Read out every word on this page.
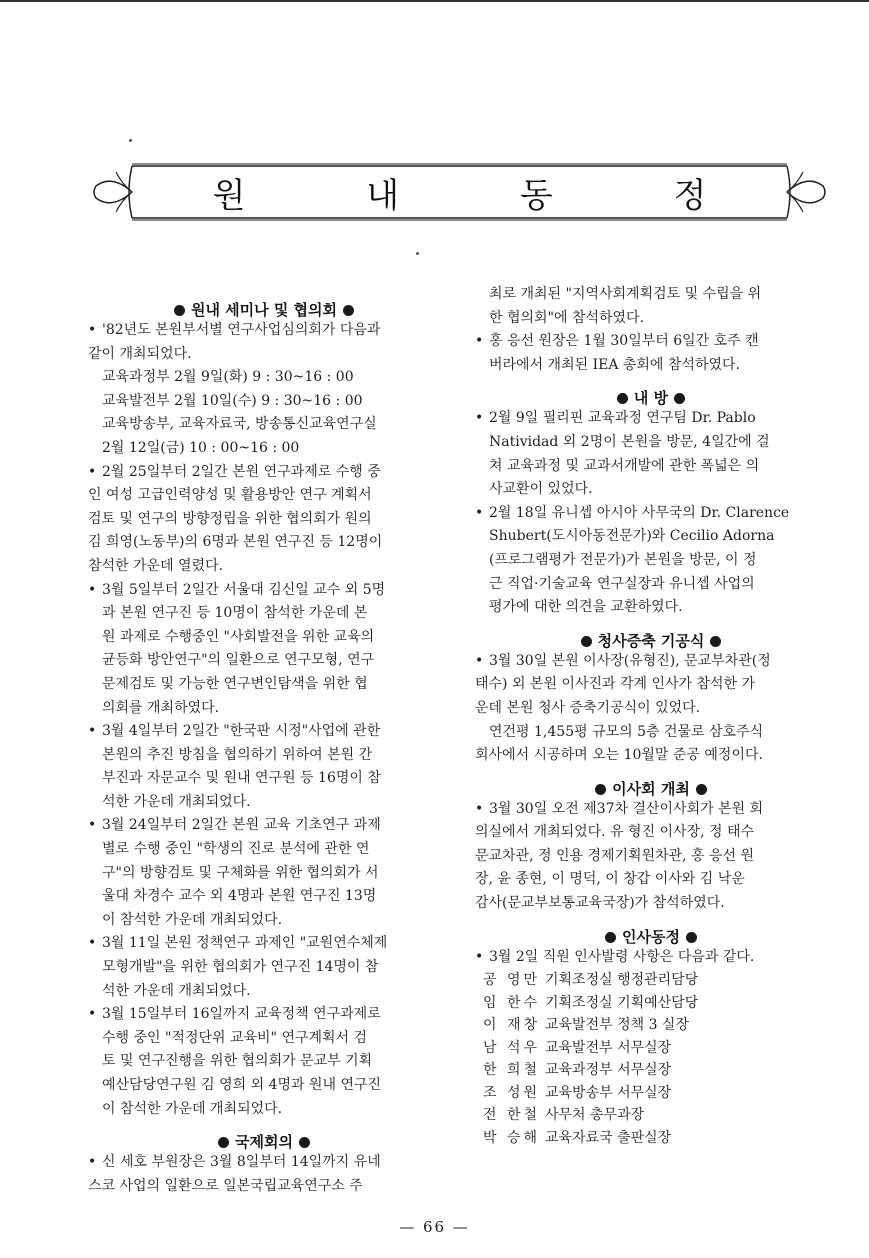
원 내 동 정
원내 세미나 및 협의회
• '82년도 본원부서별 연구사업심의회가 다음과
같이 개최되었다.
교육과정부 2월 9일(화) 9 : 30~16 : 00
교육발전부 2월 10일(수) 9 : 30~16 : 00
교육방송부, 교육자료국, 방송통신교육연구실
2월 12일(금) 10 : 00~16 : 00
• 2월 25일부터 2일간 본원 연구과제로 수행 중
인 여성 고급인력양성 및 활용방안 연구 계획서
검토 및 연구의 방향정립을 위한 협의회가 원의
김 희영(노동부)의 6명과 본원 연구진 등 12명이
참석한 가운데 열렸다.
• 3월 5일부터 2일간 서울대 김신일 교수 외 5명
과 본원 연구진 등 10명이 참석한 가운데 본
원 과제로 수행중인 "사회발전을 위한 교육의
균등화 방안연구"의 일환으로 연구모형, 연구
문제검토 및 가능한 연구변인탐색을 위한 협
의회를 개최하였다.
• 3월 4일부터 2일간 "한국판 시정"사업에 관한
본원의 추진 방침을 협의하기 위하여 본원 간
부진과 자문교수 및 원내 연구원 등 16명이 참
석한 가운데 개최되었다.
• 3월 24일부터 2일간 본원 교육 기초연구 과제
별로 수행 중인 "학생의 진로 분석에 관한 연
구"의 방향검토 및 구체화를 위한 협의회가 서
울대 차경수 교수 외 4명과 본원 연구진 13명
이 참석한 가운데 개최되었다.
• 3월 11일 본원 정책연구 과제인 "교원연수체제
모형개발"을 위한 협의회가 연구진 14명이 참
석한 가운데 개최되었다.
• 3월 15일부터 16일까지 교육정책 연구과제로
수행 중인 "적정단위 교육비" 연구계획서 검
토 및 연구진행을 위한 협의회가 문교부 기획
예산담당연구원 김 영희 외 4명과 원내 연구진
이 참석한 가운데 개최되었다.
국제회의
• 신 세호 부원장은 3월 8일부터 14일까지 유네
스코 사업의 일환으로 일본국립교육연구소 주
최로 개최된 "지역사회계획검토 및 수립을 위
한 협의회"에 참석하였다.
• 홍 응선 원장은 1월 30일부터 6일간 호주 캔
버라에서 개최된 IEA 총회에 참석하였다.
내 방
• 2월 9일 필리핀 교육과정 연구팀 Dr. Pablo
Natividad 외 2명이 본원을 방문, 4일간에 걸
쳐 교육과정 및 교과서개발에 관한 폭넓은 의
사교환이 있었다.
• 2월 18일 유니셉 아시아 사무국의 Dr. Clarence
Shubert(도시아동전문가)와 Cecilio Adorna
(프로그램평가 전문가)가 본원을 방문, 이 정
근 직업·기술교육 연구실장과 유니셉 사업의
평가에 대한 의견을 교환하였다.
청사증축 기공식
• 3월 30일 본원 이사장(유형진), 문교부차관(정
태수) 외 본원 이사진과 각계 인사가 참석한 가
운데 본원 청사 증축기공식이 있었다.
연건평 1,455평 규모의 5층 건물로 삼호주식
회사에서 시공하며 오는 10월말 준공 예정이다.
이사회 개최
• 3월 30일 오전 제37차 결산이사회가 본원 회
의실에서 개최되었다. 유 형진 이사장, 정 태수
문교차관, 정 인용 경제기획원차관, 홍 응선 원
장, 윤 종현, 이 명덕, 이 창갑 이사와 김 낙운
감사(문교부보통교육국장)가 참석하였다.
인사동정
• 3월 2일 직원 인사발령 사항은 다음과 같다.
공 영만 기획조정실 행정관리담당
임 한수 기획조정실 기획예산담당
이 재창 교육발전부 정책 3 실장
남 석우 교육발전부 서무실장
한 희철 교육과정부 서무실장
조 성원 교육방송부 서무실장
전 한철 사무처 총무과장
박 승해 교육자료국 출판실장
— 66 —
